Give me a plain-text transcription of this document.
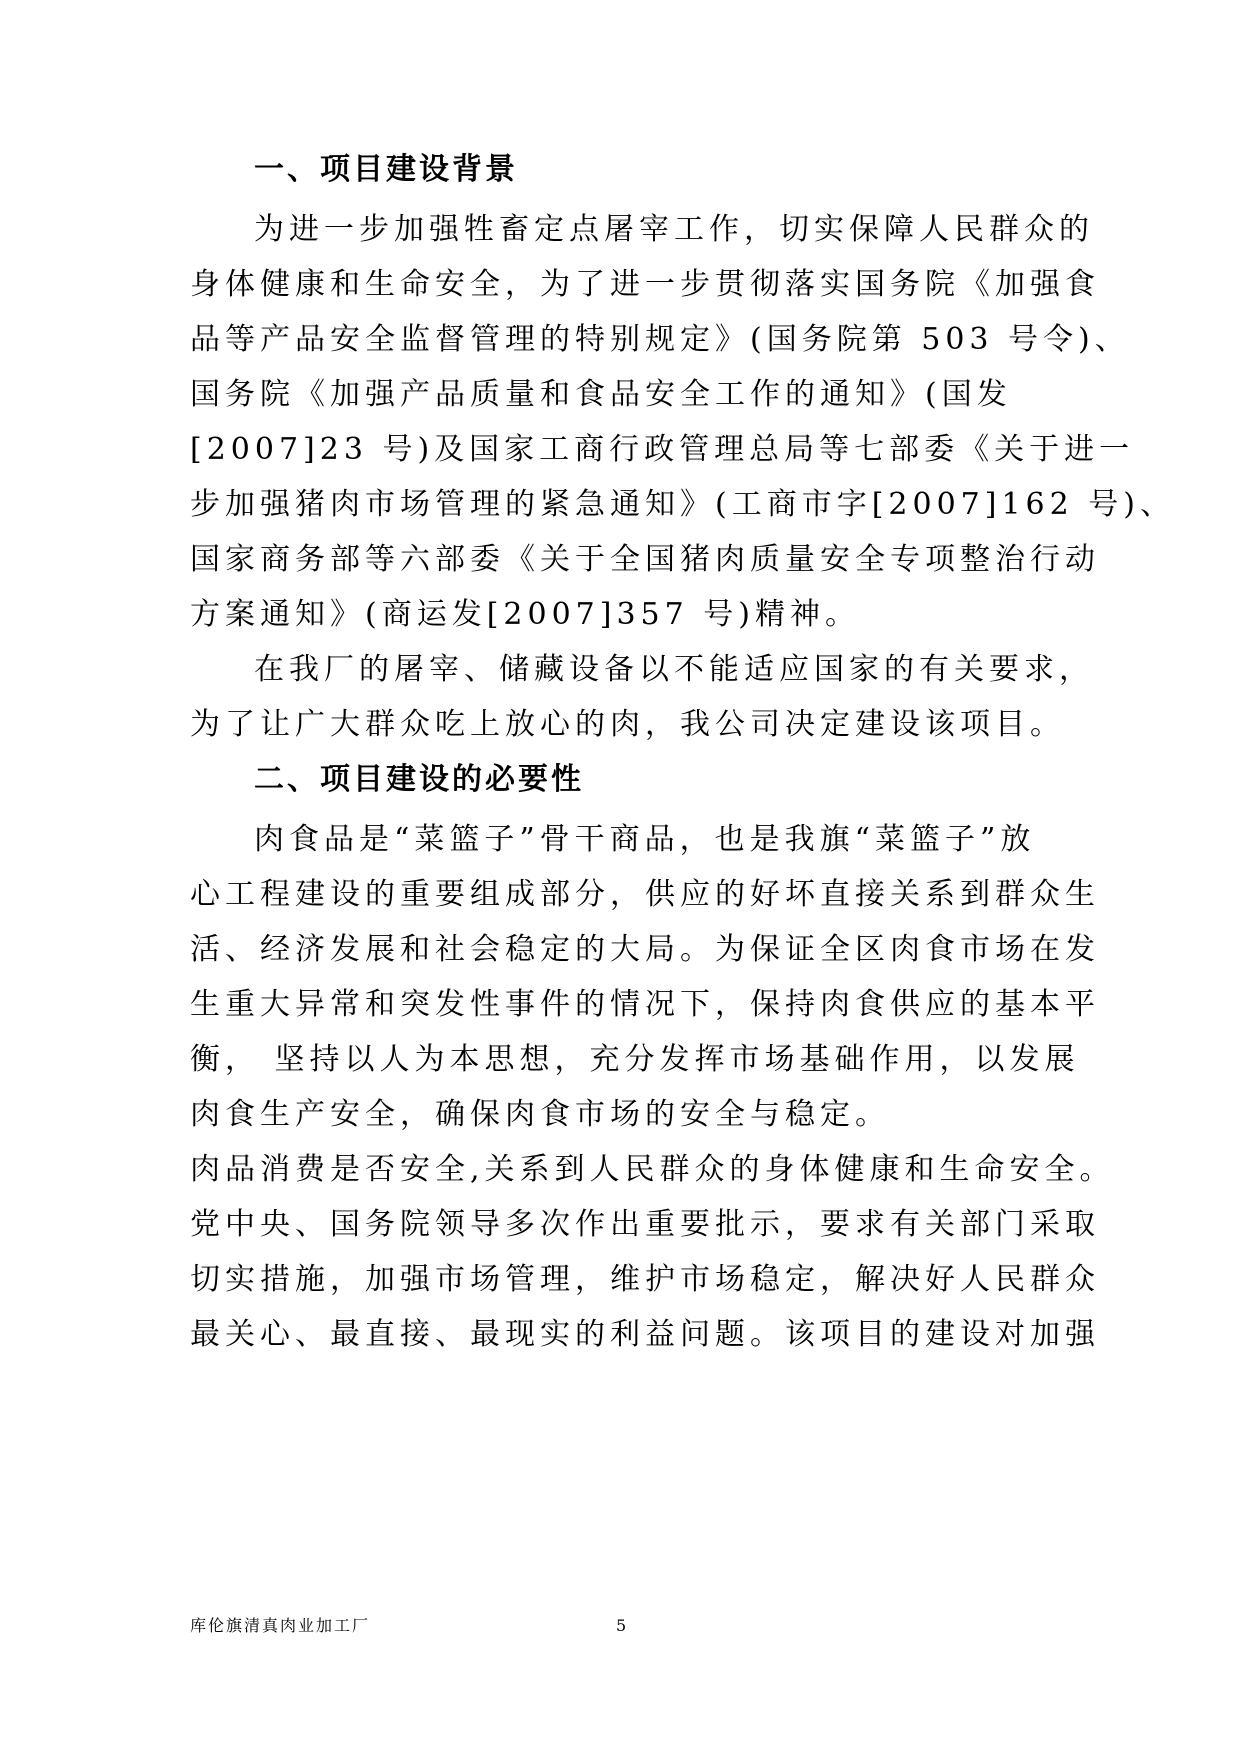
一、项目建设背景
为进一步加强牲畜定点屠宰工作，切实保障人民群众的
身体健康和生命安全，为了进一步贯彻落实国务院《加强食
品等产品安全监督管理的特别规定》(国务院第 503 号令)、
国务院《加强产品质量和食品安全工作的通知》(国发
[2007]23 号)及国家工商行政管理总局等七部委《关于进一
步加强猪肉市场管理的紧急通知》(工商市字[2007]162 号)、
国家商务部等六部委《关于全国猪肉质量安全专项整治行动
方案通知》(商运发[2007]357 号)精神。
在我厂的屠宰、储藏设备以不能适应国家的有关要求，
为了让广大群众吃上放心的肉，我公司决定建设该项目。
二、项目建设的必要性
肉食品是“菜篮子”骨干商品，也是我旗“菜篮子”放
心工程建设的重要组成部分，供应的好坏直接关系到群众生
活、经济发展和社会稳定的大局。为保证全区肉食市场在发
生重大异常和突发性事件的情况下，保持肉食供应的基本平
衡， 坚持以人为本思想，充分发挥市场基础作用，以发展
肉食生产安全，确保肉食市场的安全与稳定。
肉品消费是否安全,关系到人民群众的身体健康和生命安全。
党中央、国务院领导多次作出重要批示，要求有关部门采取
切实措施，加强市场管理，维护市场稳定，解决好人民群众
最关心、最直接、最现实的利益问题。该项目的建设对加强
库伦旗清真肉业加工厂	5
